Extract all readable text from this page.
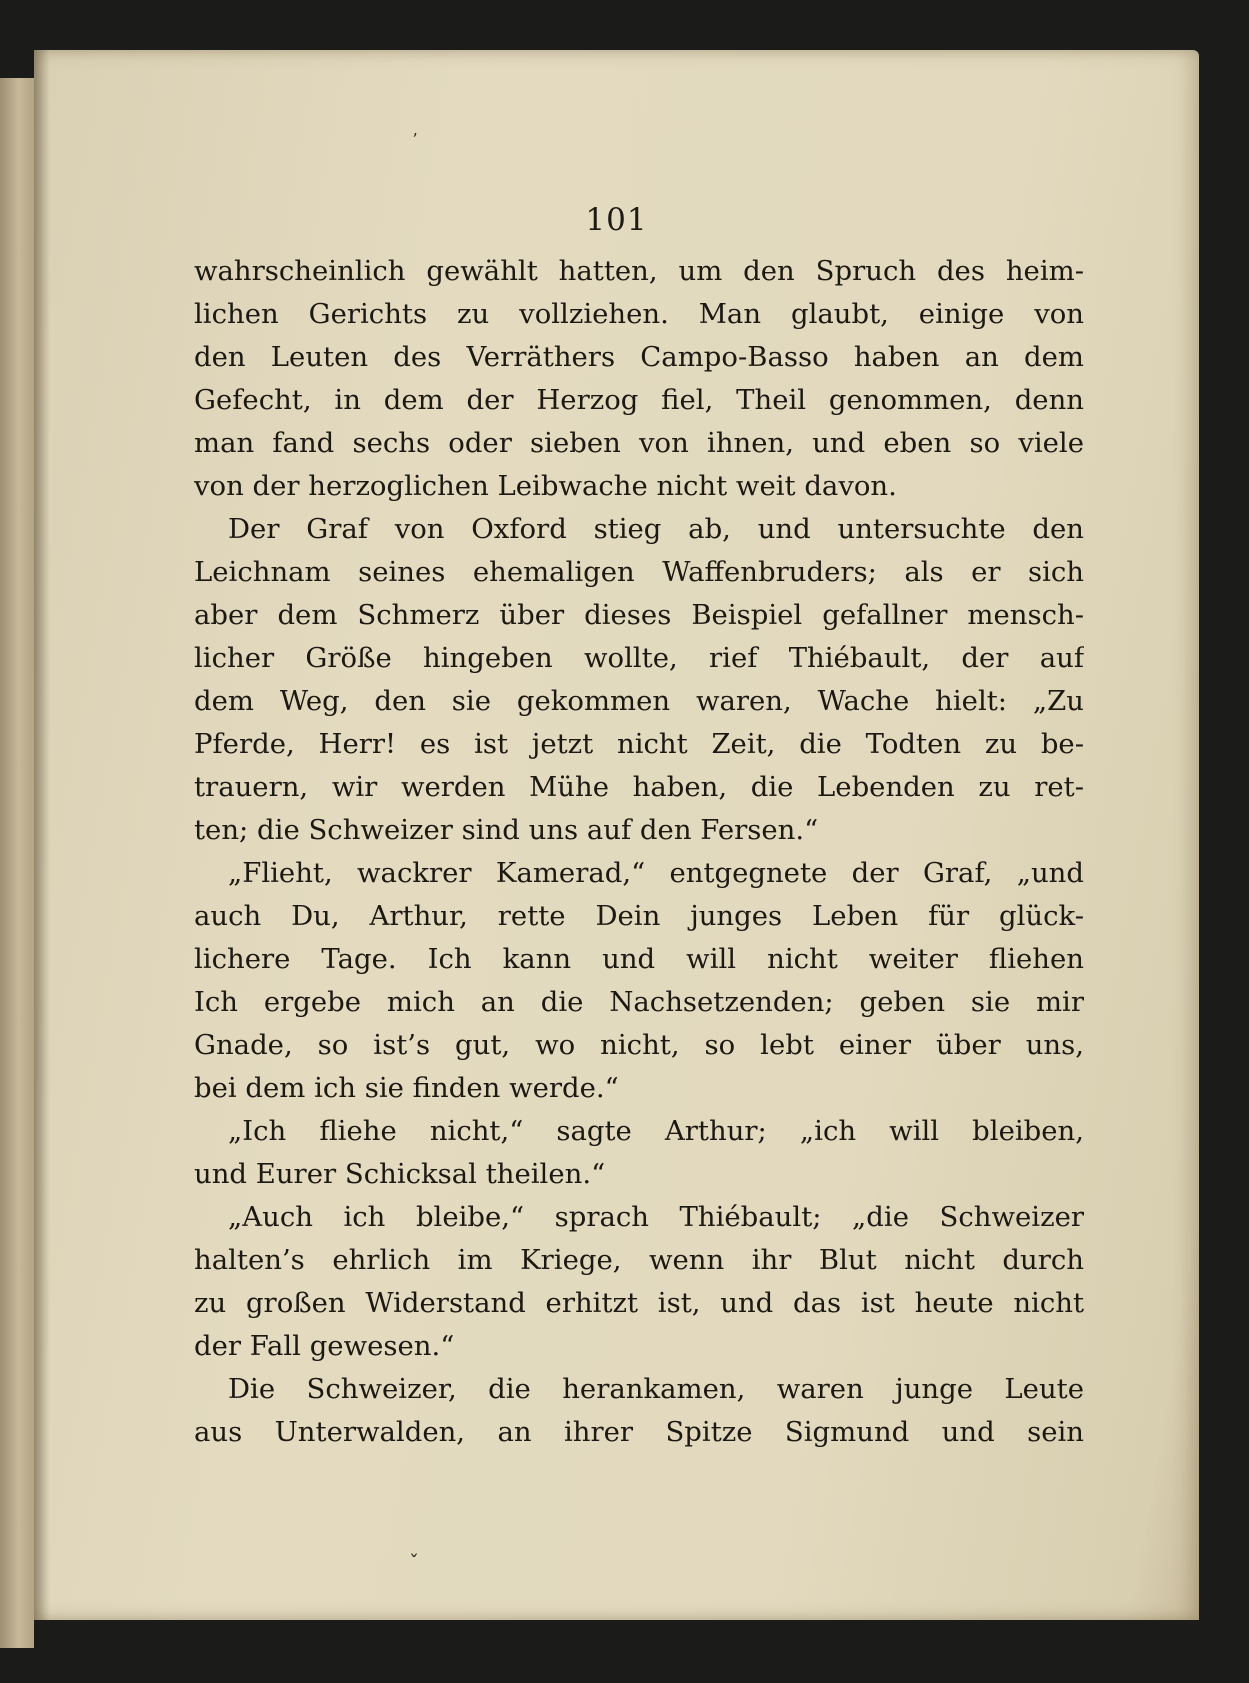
101
wahrscheinlich gewählt hatten, um den Spruch des heim-
lichen Gerichts zu vollziehen. Man glaubt, einige von
den Leuten des Verräthers Campo-Basso haben an dem
Gefecht, in dem der Herzog fiel, Theil genommen, denn
man fand sechs oder sieben von ihnen, und eben so viele
von der herzoglichen Leibwache nicht weit davon.
Der Graf von Oxford stieg ab, und untersuchte den
Leichnam seines ehemaligen Waffenbruders; als er sich
aber dem Schmerz über dieses Beispiel gefallner mensch-
licher Größe hingeben wollte, rief Thiébault, der auf
dem Weg, den sie gekommen waren, Wache hielt: „Zu
Pferde, Herr! es ist jetzt nicht Zeit, die Todten zu be-
trauern, wir werden Mühe haben, die Lebenden zu ret-
ten; die Schweizer sind uns auf den Fersen.“
„Flieht, wackrer Kamerad,“ entgegnete der Graf, „und
auch Du, Arthur, rette Dein junges Leben für glück-
lichere Tage. Ich kann und will nicht weiter fliehen
Ich ergebe mich an die Nachsetzenden; geben sie mir
Gnade, so ist’s gut, wo nicht, so lebt einer über uns,
bei dem ich sie finden werde.“
„Ich fliehe nicht,“ sagte Arthur; „ich will bleiben,
und Eurer Schicksal theilen.“
„Auch ich bleibe,“ sprach Thiébault; „die Schweizer
halten’s ehrlich im Kriege, wenn ihr Blut nicht durch
zu großen Widerstand erhitzt ist, und das ist heute nicht
der Fall gewesen.“
Die Schweizer, die herankamen, waren junge Leute
aus Unterwalden, an ihrer Spitze Sigmund und sein
ˇ
ʼ
